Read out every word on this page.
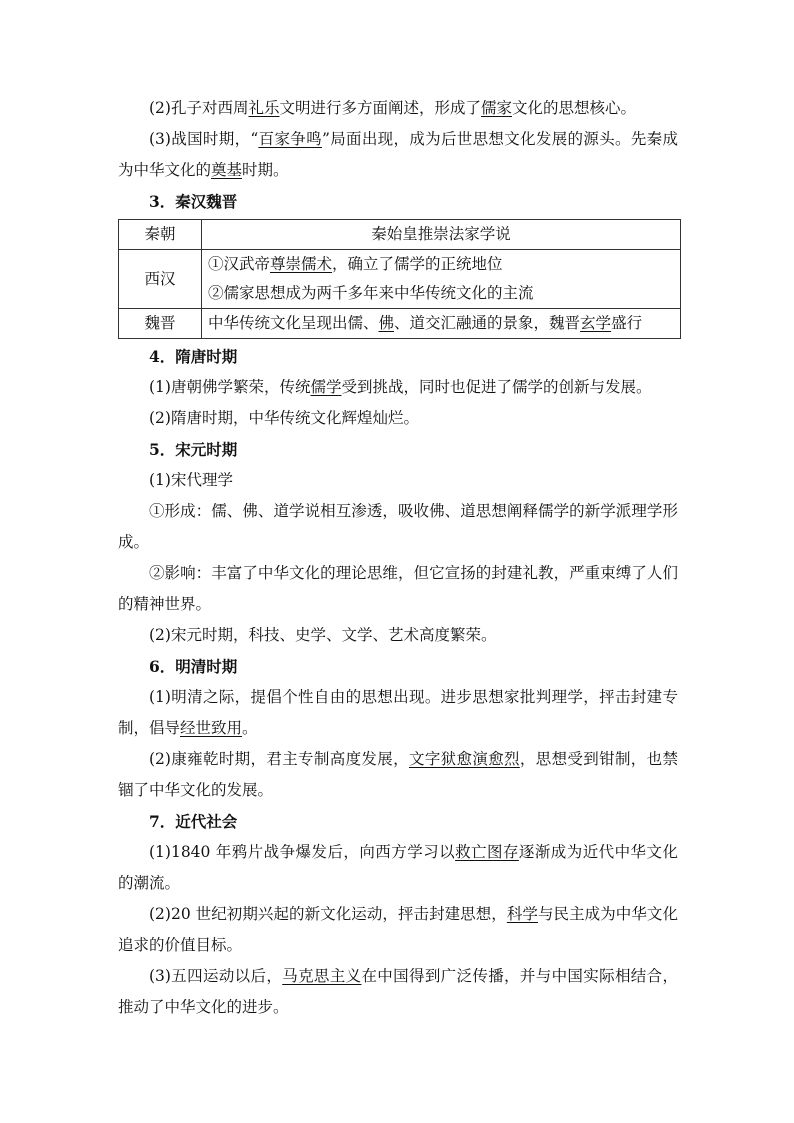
(2)孔子对西周礼乐文明进行多方面阐述，形成了儒家文化的思想核心。

(3)战国时期，“百家争鸣”局面出现，成为后世思想文化发展的源头。先秦成为中华文化的奠基时期。

3．秦汉魏晋

秦朝	秦始皇推崇法家学说
西汉	①汉武帝尊崇儒术，确立了儒学的正统地位
②儒家思想成为两千多年来中华传统文化的主流

魏晋	中华传统文化呈现出儒、佛、道交汇融通的景象，魏晋玄学盛行

4．隋唐时期

(1)唐朝佛学繁荣，传统儒学受到挑战，同时也促进了儒学的创新与发展。

(2)隋唐时期，中华传统文化辉煌灿烂。

5．宋元时期

(1)宋代理学

①形成：儒、佛、道学说相互渗透，吸收佛、道思想阐释儒学的新学派理学形成。

②影响：丰富了中华文化的理论思维，但它宣扬的封建礼教，严重束缚了人们的精神世界。

(2)宋元时期，科技、史学、文学、艺术高度繁荣。

6．明清时期

(1)明清之际，提倡个性自由的思想出现。进步思想家批判理学，抨击封建专制，倡导经世致用。

(2)康雍乾时期，君主专制高度发展，文字狱愈演愈烈，思想受到钳制，也禁锢了中华文化的发展。

7．近代社会

(1)1840 年鸦片战争爆发后，向西方学习以救亡图存逐渐成为近代中华文化的潮流。

(2)20 世纪初期兴起的新文化运动，抨击封建思想，科学与民主成为中华文化追求的价值目标。

(3)五四运动以后，马克思主义在中国得到广泛传播，并与中国实际相结合，推动了中华文化的进步。
